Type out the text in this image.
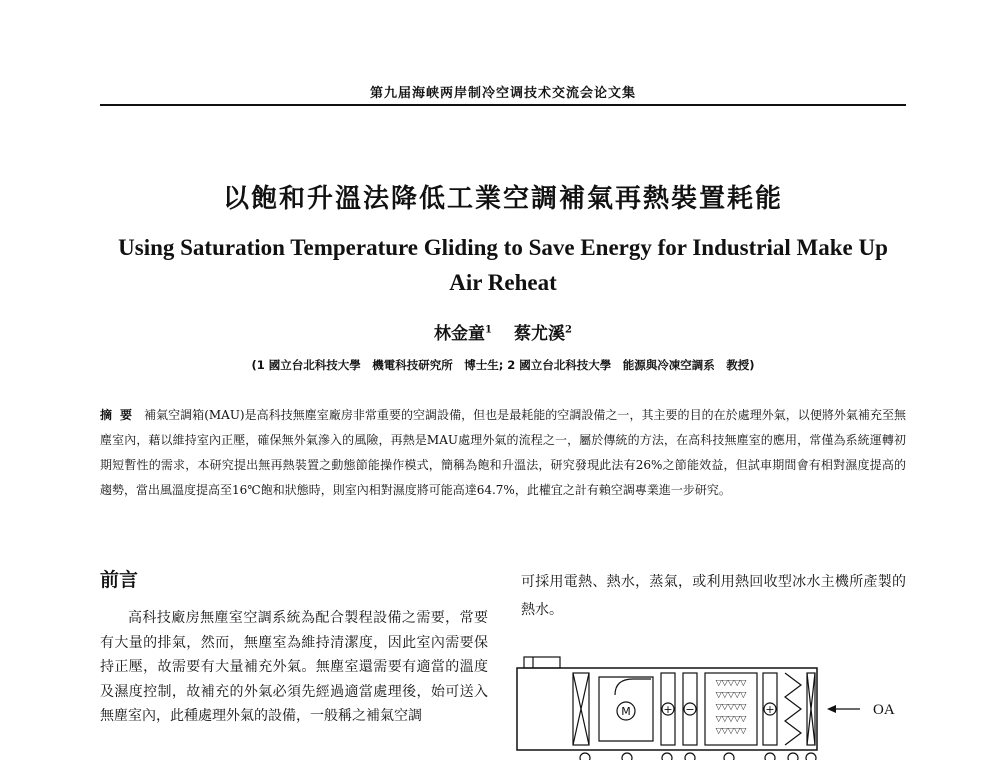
第九届海峡两岸制冷空调技术交流会论文集
以飽和升溫法降低工業空調補氣再熱裝置耗能
Using Saturation Temperature Gliding to Save Energy for Industrial Make Up Air Reheat
林金童$^1$ 蔡尤溪$^2$
(1 國立台北科技大學　機電科技研究所　博士生; 2 國立台北科技大學　能源與冷凍空調系　教授)
摘要 補氣空調箱(MAU)是高科技無塵室廠房非常重要的空調設備，但也是最耗能的空調設備之一，其主要的目的在於處理外氣，以便將外氣補充至無塵室內，藉以維持室內正壓，確保無外氣滲入的風險，再熱是MAU處理外氣的流程之一，屬於傳統的方法，在高科技無塵室的應用，常僅為系統運轉初期短暫性的需求，本研究提出無再熱裝置之動態節能操作模式，簡稱為飽和升溫法，研究發現此法有26%之節能效益，但試車期間會有相對濕度提高的趨勢，當出風溫度提高至16℃飽和狀態時，則室內相對濕度將可能高達64.7%，此權宜之計有賴空調專業進一步研究。
前言
高科技廠房無塵室空調系統為配合製程設備之需要，常要有大量的排氣，然而，無塵室為維持清潔度，因此室內需要保持正壓，故需要有大量補充外氣。無塵室還需要有適當的溫度及濕度控制，故補充的外氣必須先經過適當處理後，始可送入無塵室內，此種處理外氣的設備，一般稱之補氣空調
可採用電熱、熱水，蒸氣，或利用熱回收型冰水主機所產製的熱水。
M	+ −	+
▽▽▽▽▽
▽▽▽▽▽
▽▽▽▽▽
▽▽▽▽▽
▽▽▽▽▽
OA
